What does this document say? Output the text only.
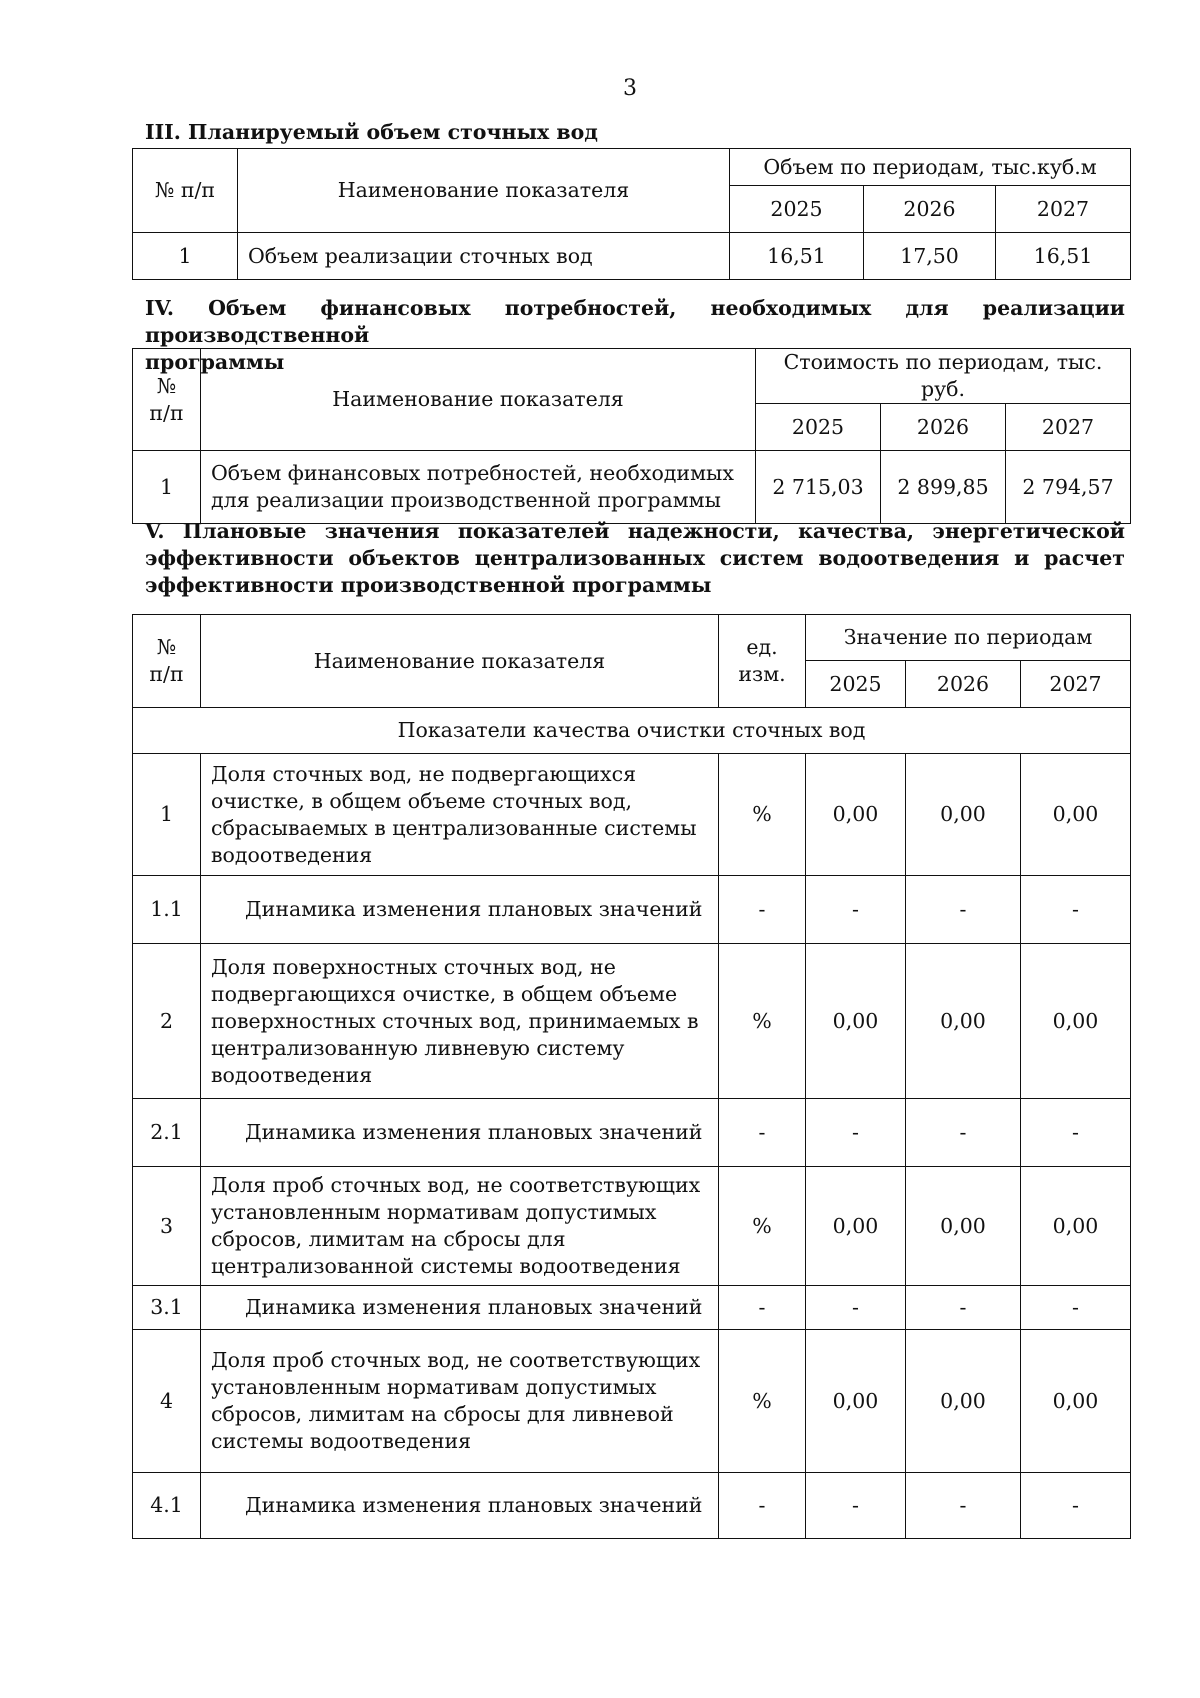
3
III. Планируемый объем сточных вод
№ п/п	Наименование показателя	Объем по периодам, тыс.куб.м		
		2025	2026	2027
1	Объем реализации сточных вод	16,51	17,50	16,51
IV. Объем финансовых потребностей, необходимых для реализации производственной
программы
№
п/п	Наименование показателя	Стоимость по периодам, тыс. руб.		
		2025	2026	2027
1	Объем финансовых потребностей, необходимых
для реализации производственной программы	2 715,03	2 899,85	2 794,57
V. Плановые значения показателей надежности, качества, энергетической
эффективности объектов централизованных систем водоотведения и расчет
эффективности производственной программы
№
п/п	Наименование показателя	ед.
изм.	Значение по периодам		
			2025	2026	2027
Показатели качества очистки сточных вод					
1	Доля сточных вод, не подвергающихся
очистке, в общем объеме сточных вод,
сбрасываемых в централизованные системы
водоотведения	%	0,00	0,00	0,00
1.1	Динамика изменения плановых значений	-	-	-	-
2	Доля поверхностных сточных вод, не
подвергающихся очистке, в общем объеме
поверхностных сточных вод, принимаемых в
централизованную ливневую систему
водоотведения	%	0,00	0,00	0,00
2.1	Динамика изменения плановых значений	-	-	-	-
3	Доля проб сточных вод, не соответствующих
установленным нормативам допустимых
сбросов, лимитам на сбросы для
централизованной системы водоотведения	%	0,00	0,00	0,00
3.1	Динамика изменения плановых значений	-	-	-	-
4	Доля проб сточных вод, не соответствующих
установленным нормативам допустимых
сбросов, лимитам на сбросы для ливневой
системы водоотведения	%	0,00	0,00	0,00
4.1	Динамика изменения плановых значений	-	-	-	-
